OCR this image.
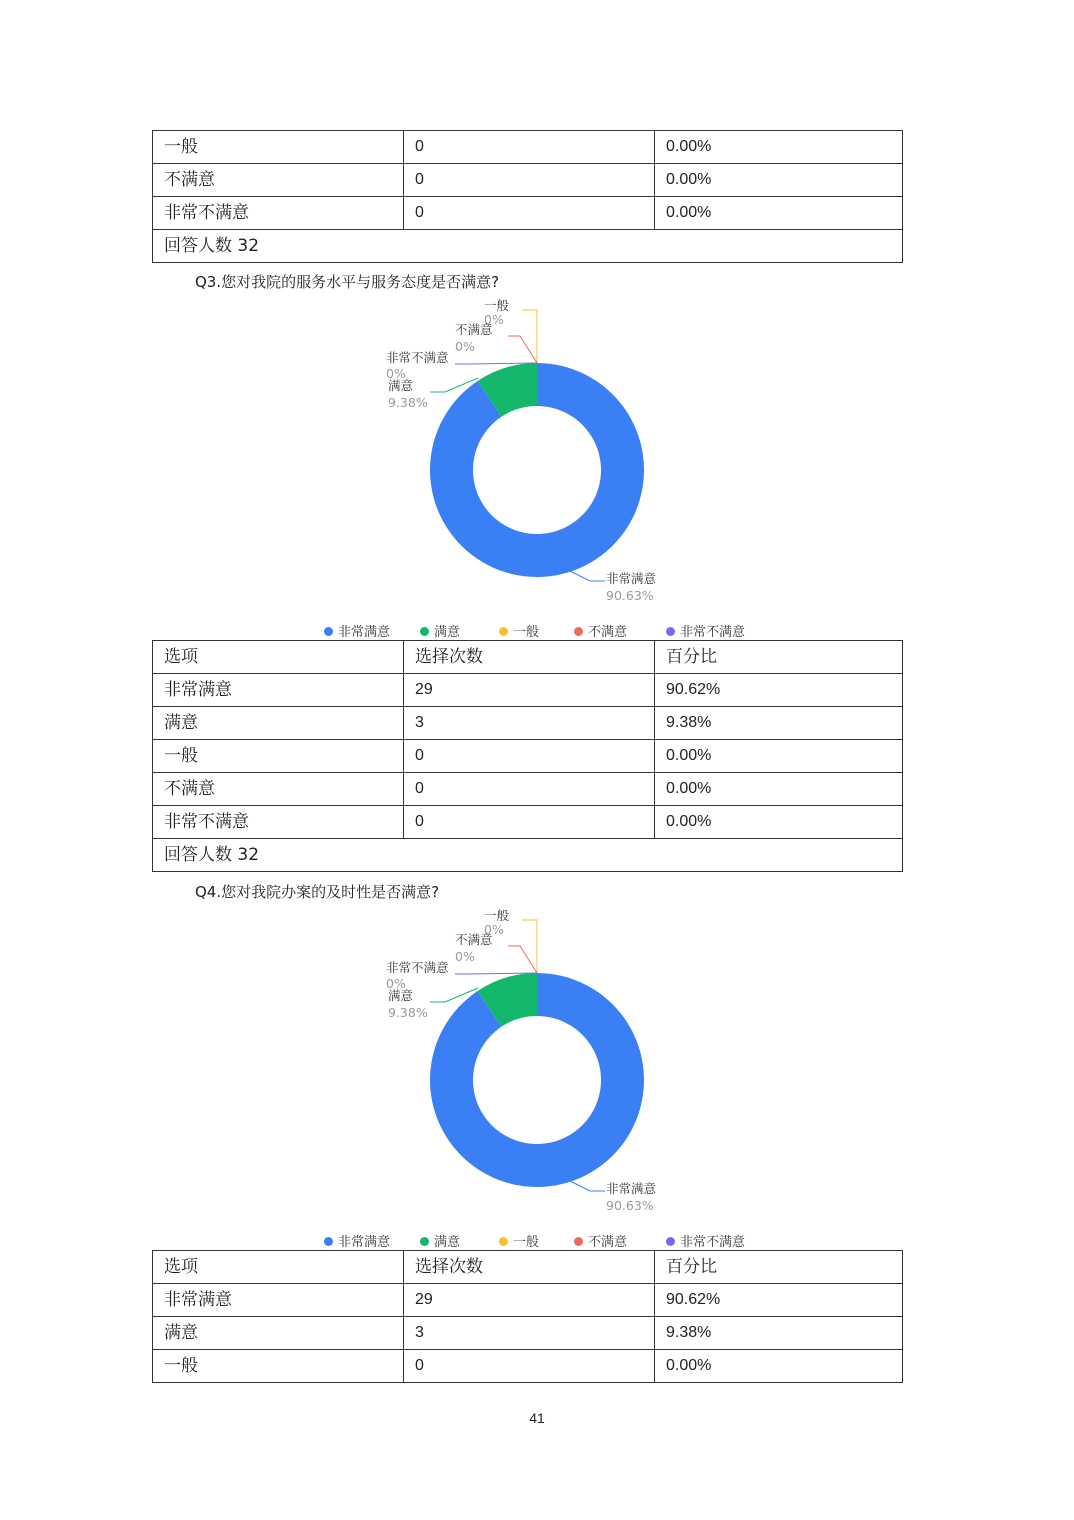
一般	0	0.00%
不满意	0	0.00%
非常不满意	0	0.00%
回答人数 32		
Q3.您对我院的服务水平与服务态度是否满意?
非常满意
90.63%
满意
9.38%
一般
0%
不满意
0%
非常不满意
0%
非常满意	满意	一般	不满意	非常不满意
选项	选择次数	百分比
非常满意	29	90.62%
满意	3	9.38%
一般	0	0.00%
不满意	0	0.00%
非常不满意	0	0.00%
回答人数 32		
Q4.您对我院办案的及时性是否满意?
非常满意
90.63%
满意
9.38%
一般
0%
不满意
0%
非常不满意
0%
非常满意	满意	一般	不满意	非常不满意
选项	选择次数	百分比
非常满意	29	90.62%
满意	3	9.38%
一般	0	0.00%
41
